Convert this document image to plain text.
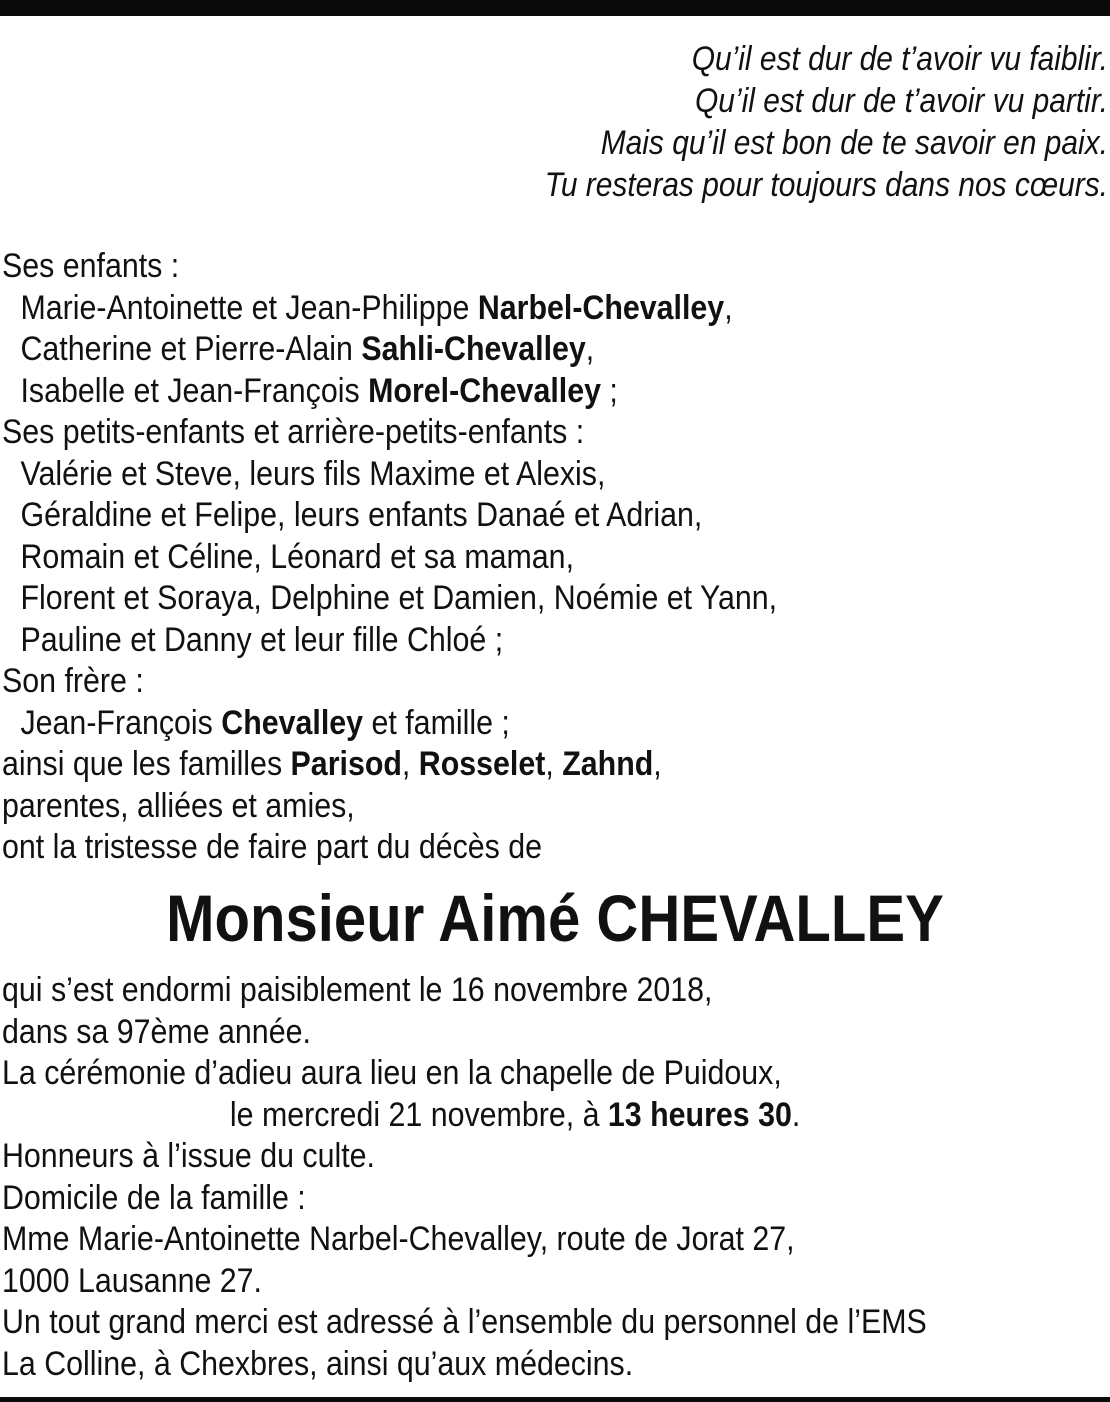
Qu’il est dur de t’avoir vu faiblir.
Qu’il est dur de t’avoir vu partir.
Mais qu’il est bon de te savoir en paix.
Tu resteras pour toujours dans nos cœurs.
Ses enfants :
Marie-Antoinette et Jean-Philippe Narbel-Chevalley,
Catherine et Pierre-Alain Sahli-Chevalley,
Isabelle et Jean-François Morel-Chevalley ;
Ses petits-enfants et arrière-petits-enfants :
Valérie et Steve, leurs fils Maxime et Alexis,
Géraldine et Felipe, leurs enfants Danaé et Adrian,
Romain et Céline, Léonard et sa maman,
Florent et Soraya, Delphine et Damien, Noémie et Yann,
Pauline et Danny et leur fille Chloé ;
Son frère :
Jean-François Chevalley et famille ;
ainsi que les familles Parisod, Rosselet, Zahnd,
parentes, alliées et amies,
ont la tristesse de faire part du décès de
Monsieur Aimé CHEVALLEY
qui s’est endormi paisiblement le 16 novembre 2018,
dans sa 97ème année.
La cérémonie d’adieu aura lieu en la chapelle de Puidoux,
le mercredi 21 novembre, à 13 heures 30.
Honneurs à l’issue du culte.
Domicile de la famille :
Mme Marie-Antoinette Narbel-Chevalley, route de Jorat 27,
1000 Lausanne 27.
Un tout grand merci est adressé à l’ensemble du personnel de l’EMS
La Colline, à Chexbres, ainsi qu’aux médecins.
